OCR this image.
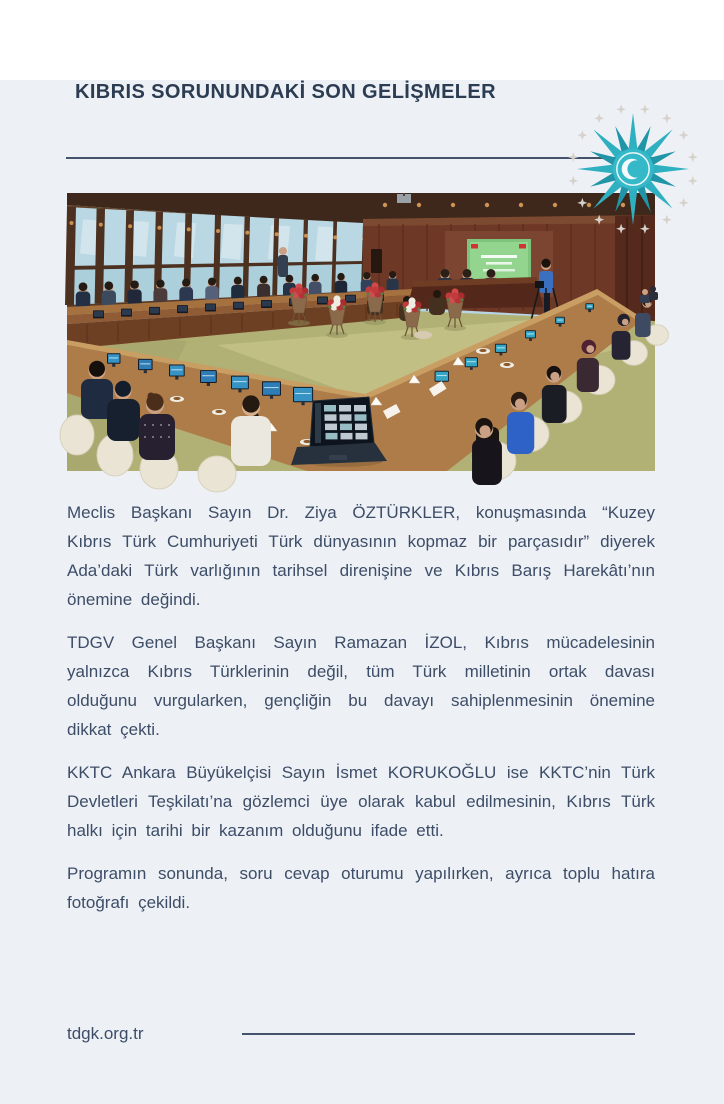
KIBRIS SORUNUNDAKİ SON GELİŞMELER

Meclis Başkanı Sayın Dr. Ziya ÖZTÜRKLER, konuşmasında “Kuzey Kıbrıs Türk Cumhuriyeti Türk dünyasının kopmaz bir parçasıdır” diyerek Ada’daki Türk varlığının tarihsel direnişine ve Kıbrıs Barış Harekâtı’nın önemine değindi.

TDGV Genel Başkanı Sayın Ramazan İZOL, Kıbrıs mücadelesinin yalnızca Kıbrıs Türklerinin değil, tüm Türk milletinin ortak davası olduğunu vurgularken, gençliğin bu davayı sahiplenmesinin önemine dikkat çekti.

KKTC Ankara Büyükelçisi Sayın İsmet KORUKOĞLU ise KKTC’nin Türk Devletleri Teşkilatı’na gözlemci üye olarak kabul edilmesinin, Kıbrıs Türk halkı için tarihi bir kazanım olduğunu ifade etti.

Programın sonunda, soru cevap oturumu yapılırken, ayrıca toplu hatıra fotoğrafı çekildi.

tdgk.org.tr
